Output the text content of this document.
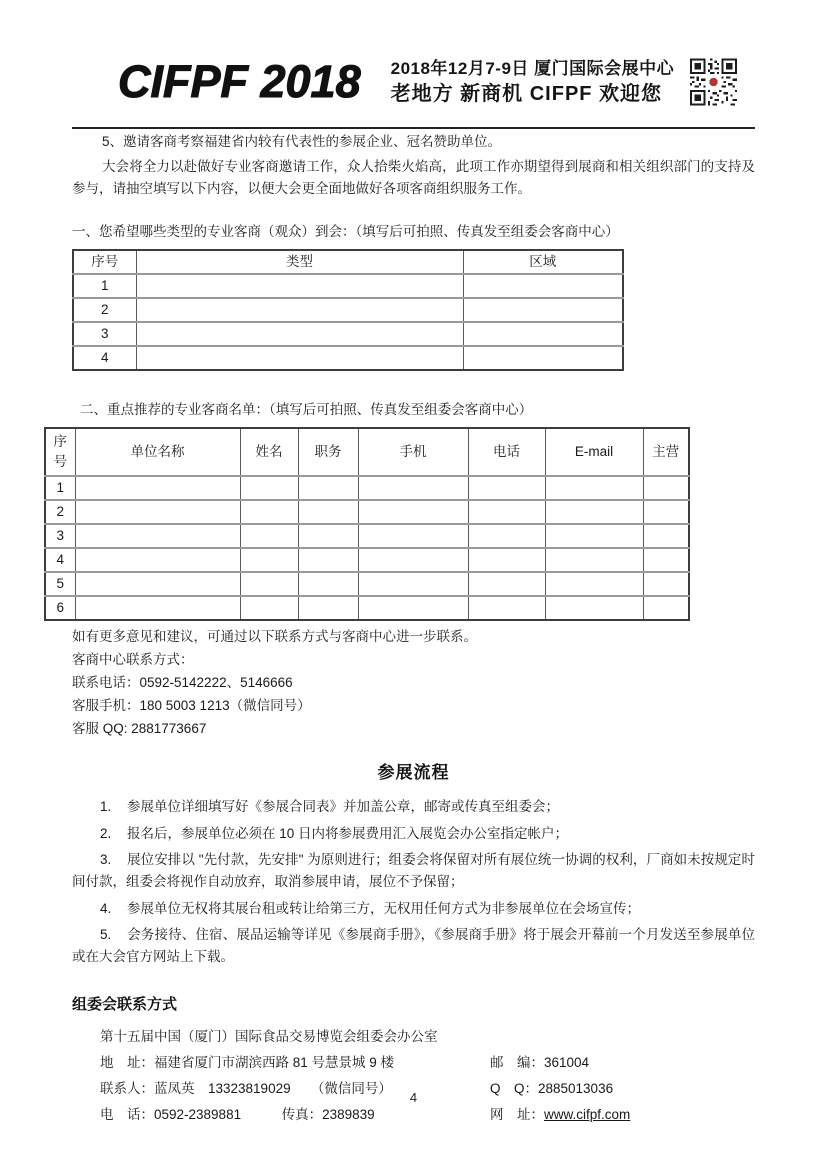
CIFPF 2018 2018年12月7-9日 厦门国际会展中心
老地方 新商机 CIFPF 欢迎您

5、邀请客商考察福建省内较有代表性的参展企业、冠名赞助单位。

大会将全力以赴做好专业客商邀请工作，众人拾柴火焰高，此项工作亦期望得到展商和相关组织部门的支持及参与，请抽空填写以下内容，以便大会更全面地做好各项客商组织服务工作。

一、您希望哪些类型的专业客商（观众）到会：（填写后可拍照、传真发至组委会客商中心）
序号	类型	区域
1		
2		
3		
4		
二、重点推荐的专业客商名单：（填写后可拍照、传真发至组委会客商中心）
序号	单位名称	姓名	职务	手机	电话	E-mail	主营
1							
2							
3							
4							
5							
6							

如有更多意见和建议，可通过以下联系方式与客商中心进一步联系。

客商中心联系方式：

联系电话：0592-5142222、5146666

客服手机：180 5003 1213（微信同号）

客服 QQ: 2881773667

参展流程

1. 参展单位详细填写好《参展合同表》并加盖公章，邮寄或传真至组委会；

2. 报名后，参展单位必须在 10 日内将参展费用汇入展览会办公室指定帐户；

3. 展位安排以 "先付款，先安排" 为原则进行；组委会将保留对所有展位统一协调的权利，厂商如未按规定时间付款，组委会将视作自动放弃，取消参展申请，展位不予保留；

4. 参展单位无权将其展台租或转让给第三方，无权用任何方式为非参展单位在会场宣传；

5. 会务接待、住宿、展品运输等详见《参展商手册》，《参展商手册》将于展会开幕前一个月发送至参展单位或在大会官方网站上下载。

组委会联系方式
第十五届中国（厦门）国际食品交易博览会组委会办公室
地　址：福建省厦门市湖滨西路 81 号慧景城 9 楼	邮　编：361004
联系人：蓝凤英　13323819029　　（微信同号）	Q　Q：2885013036
电　话：0592-2389881　　　传真：2389839	网　址：www.cifpf.com
4
